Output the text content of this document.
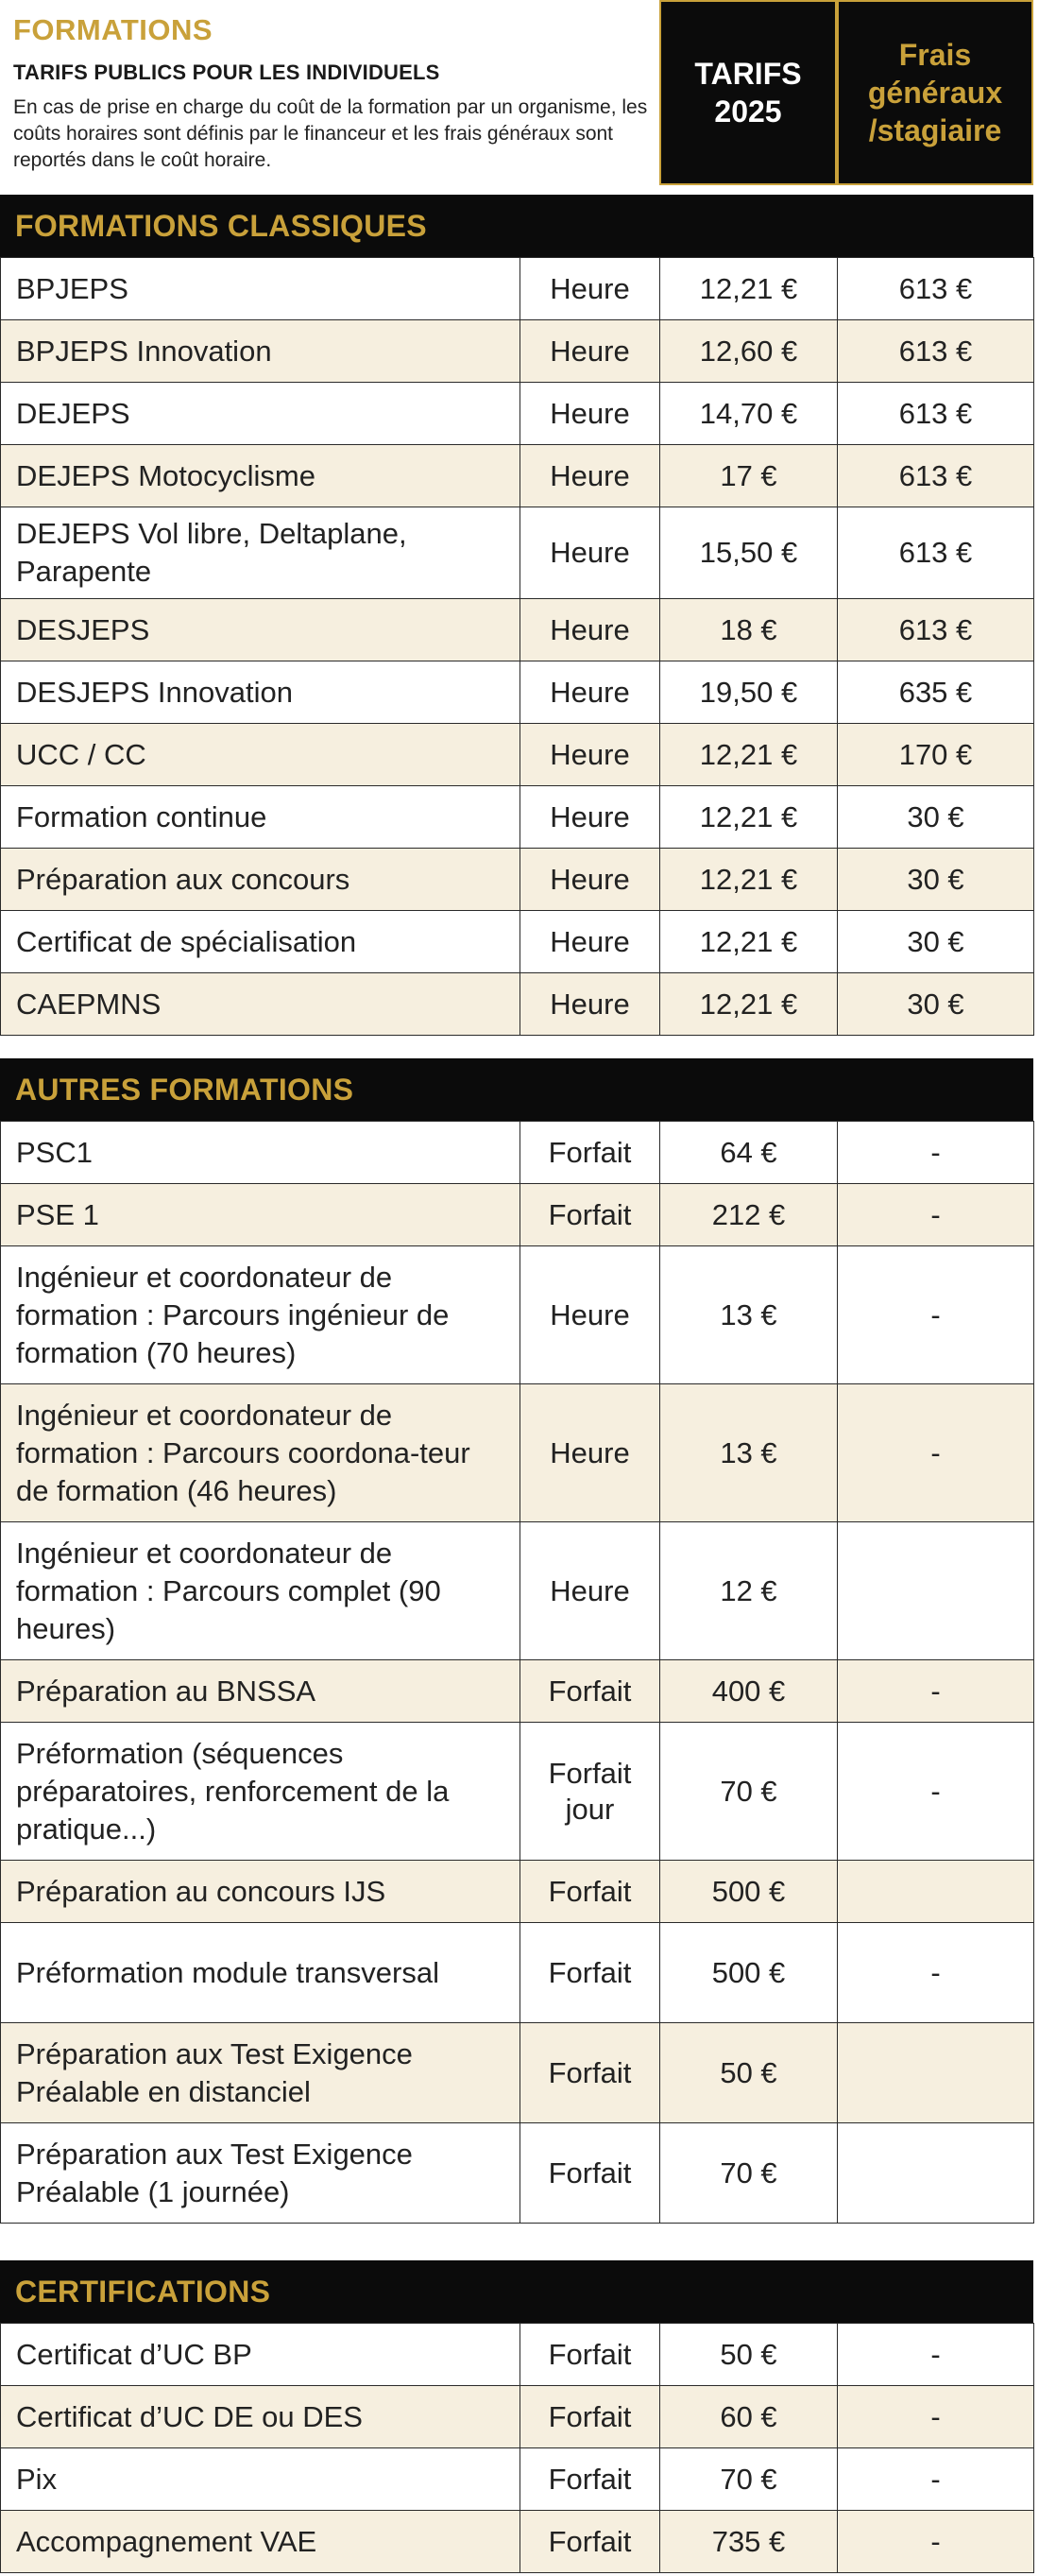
FORMATIONS
TARIFS PUBLICS POUR LES INDIVIDUELS
En cas de prise en charge du coût de la formation par un organisme, les coûts horaires sont définis par le financeur et les frais généraux sont reportés dans le coût horaire.
TARIFS
2025
Frais
généraux
/stagiaire
FORMATIONS CLASSIQUES
BPJEPS	Heure	12,21 €	613 €
BPJEPS Innovation	Heure	12,60 €	613 €
DEJEPS	Heure	14,70 €	613 €
DEJEPS Motocyclisme	Heure	17 €	613 €
DEJEPS Vol libre, Deltaplane, Parapente	Heure	15,50 €	613 €
DESJEPS	Heure	18 €	613 €
DESJEPS Innovation	Heure	19,50 €	635 €
UCC / CC	Heure	12,21 €	170 €
Formation continue	Heure	12,21 €	30 €
Préparation aux concours	Heure	12,21 €	30 €
Certificat de spécialisation	Heure	12,21 €	30 €
CAEPMNS	Heure	12,21 €	30 €
AUTRES FORMATIONS
PSC1	Forfait	64 €	-
PSE 1	Forfait	212 €	-
Ingénieur et coordonateur de formation : Parcours ingénieur de formation (70 heures)	Heure	13 €	-
Ingénieur et coordonateur de formation : Parcours coordona-teur de formation (46 heures)	Heure	13 €	-
Ingénieur et coordonateur de formation : Parcours complet (90 heures)	Heure	12 €	
Préparation au BNSSA	Forfait	400 €	-
Préformation (séquences préparatoires, renforcement de la pratique...)	Forfait jour	70 €	-
Préparation au concours IJS	Forfait	500 €	
Préformation module transversal	Forfait	500 €	-
Préparation aux Test Exigence Préalable en distanciel	Forfait	50 €	
Préparation aux Test Exigence Préalable (1 journée)	Forfait	70 €	
CERTIFICATIONS
Certificat d’UC BP	Forfait	50 €	-
Certificat d’UC DE ou DES	Forfait	60 €	-
Pix	Forfait	70 €	-
Accompagnement VAE	Forfait	735 €	-
